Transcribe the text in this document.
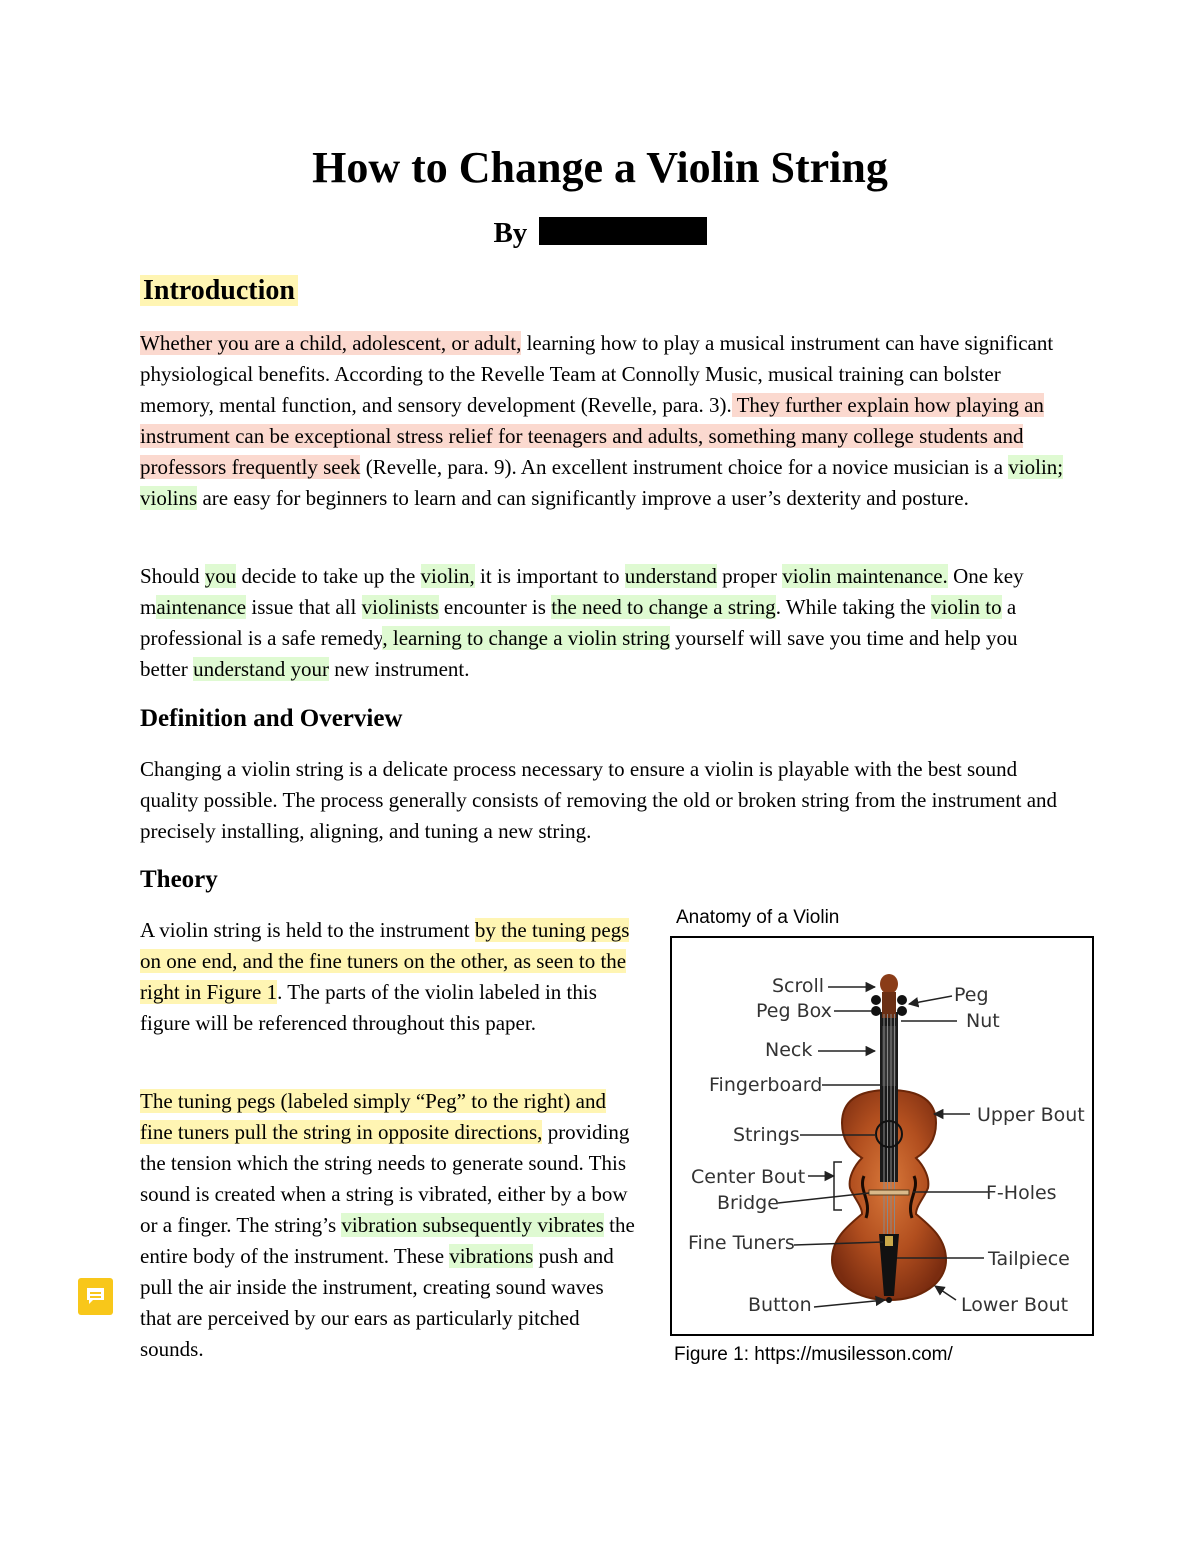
How to Change a Violin String

By

Introduction

Whether you are a child, adolescent, or adult, learning how to play a musical instrument can have significant physiological benefits. According to the Revelle Team at Connolly Music, musical training can bolster memory, mental function, and sensory development (Revelle, para. 3). They further explain how playing an instrument can be exceptional stress relief for teenagers and adults, something many college students and professors frequently seek (Revelle, para. 9). An excellent instrument choice for a novice musician is a violin; violins are easy for beginners to learn and can significantly improve a user’s dexterity and posture.

Should you decide to take up the violin, it is important to understand proper violin maintenance. One key maintenance issue that all violinists encounter is the need to change a string. While taking the violin to a professional is a safe remedy, learning to change a violin string yourself will save you time and help you better understand your new instrument.

Definition and Overview

Changing a violin string is a delicate process necessary to ensure a violin is playable with the best sound quality possible. The process generally consists of removing the old or broken string from the instrument and precisely installing, aligning, and tuning a new string.

Theory

A violin string is held to the instrument by the tuning pegs on one end, and the fine tuners on the other, as seen to the right in Figure 1. The parts of the violin labeled in this figure will be referenced throughout this paper.

The tuning pegs (labeled simply “Peg” to the right) and fine tuners pull the string in opposite directions, providing the tension which the string needs to generate sound. This sound is created when a string is vibrated, either by a bow or a finger. The string’s vibration subsequently vibrates the entire body of the instrument. These vibrations push and pull the air inside the instrument, creating sound waves that are perceived by our ears as particularly pitched sounds.

Anatomy of a Violin

Scroll
Peg Box
Peg
Nut
Neck
Fingerboard
Upper Bout
Strings
Center Bout
Bridge	F-Holes
Fine Tuners
Tailpiece
Button	Lower Bout

Figure 1: https://musilesson.com/
